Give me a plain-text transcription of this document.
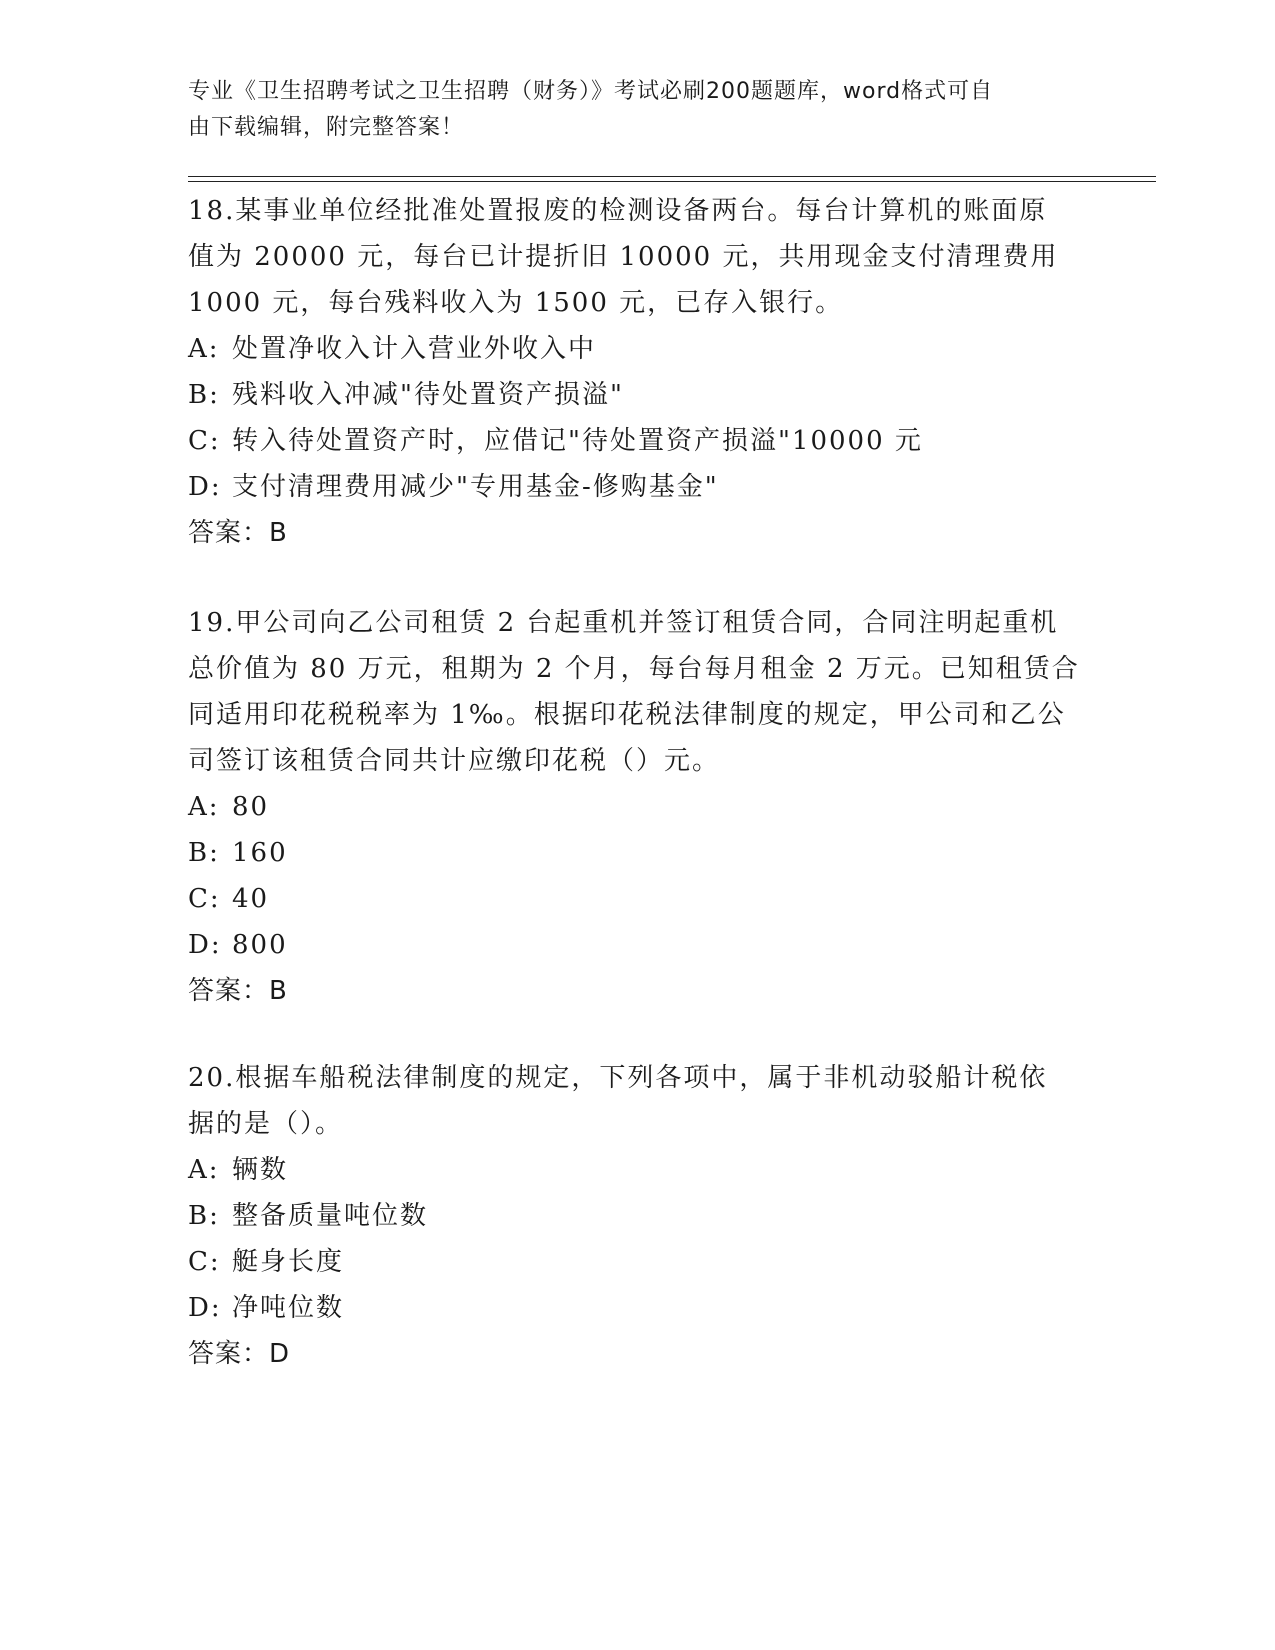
专业《卫生招聘考试之卫生招聘（财务）》考试必刷200题题库，word格式可自
由下载编辑，附完整答案！

18.某事业单位经批准处置报废的检测设备两台。每台计算机的账面原

值为 20000 元，每台已计提折旧 10000 元，共用现金支付清理费用

1000 元，每台残料收入为 1500 元，已存入银行。

A: 处置净收入计入营业外收入中

B: 残料收入冲减"待处置资产损溢"

C: 转入待处置资产时，应借记"待处置资产损溢"10000 元

D: 支付清理费用减少"专用基金-修购基金"

答案：B

19.甲公司向乙公司租赁 2 台起重机并签订租赁合同，合同注明起重机

总价值为 80 万元，租期为 2 个月，每台每月租金 2 万元。已知租赁合

同适用印花税税率为 1‰。根据印花税法律制度的规定，甲公司和乙公

司签订该租赁合同共计应缴印花税（）元。

A: 80

B: 160

C: 40

D: 800

答案：B

20.根据车船税法律制度的规定，下列各项中，属于非机动驳船计税依

据的是（）。

A: 辆数

B: 整备质量吨位数

C: 艇身长度

D: 净吨位数

答案：D
